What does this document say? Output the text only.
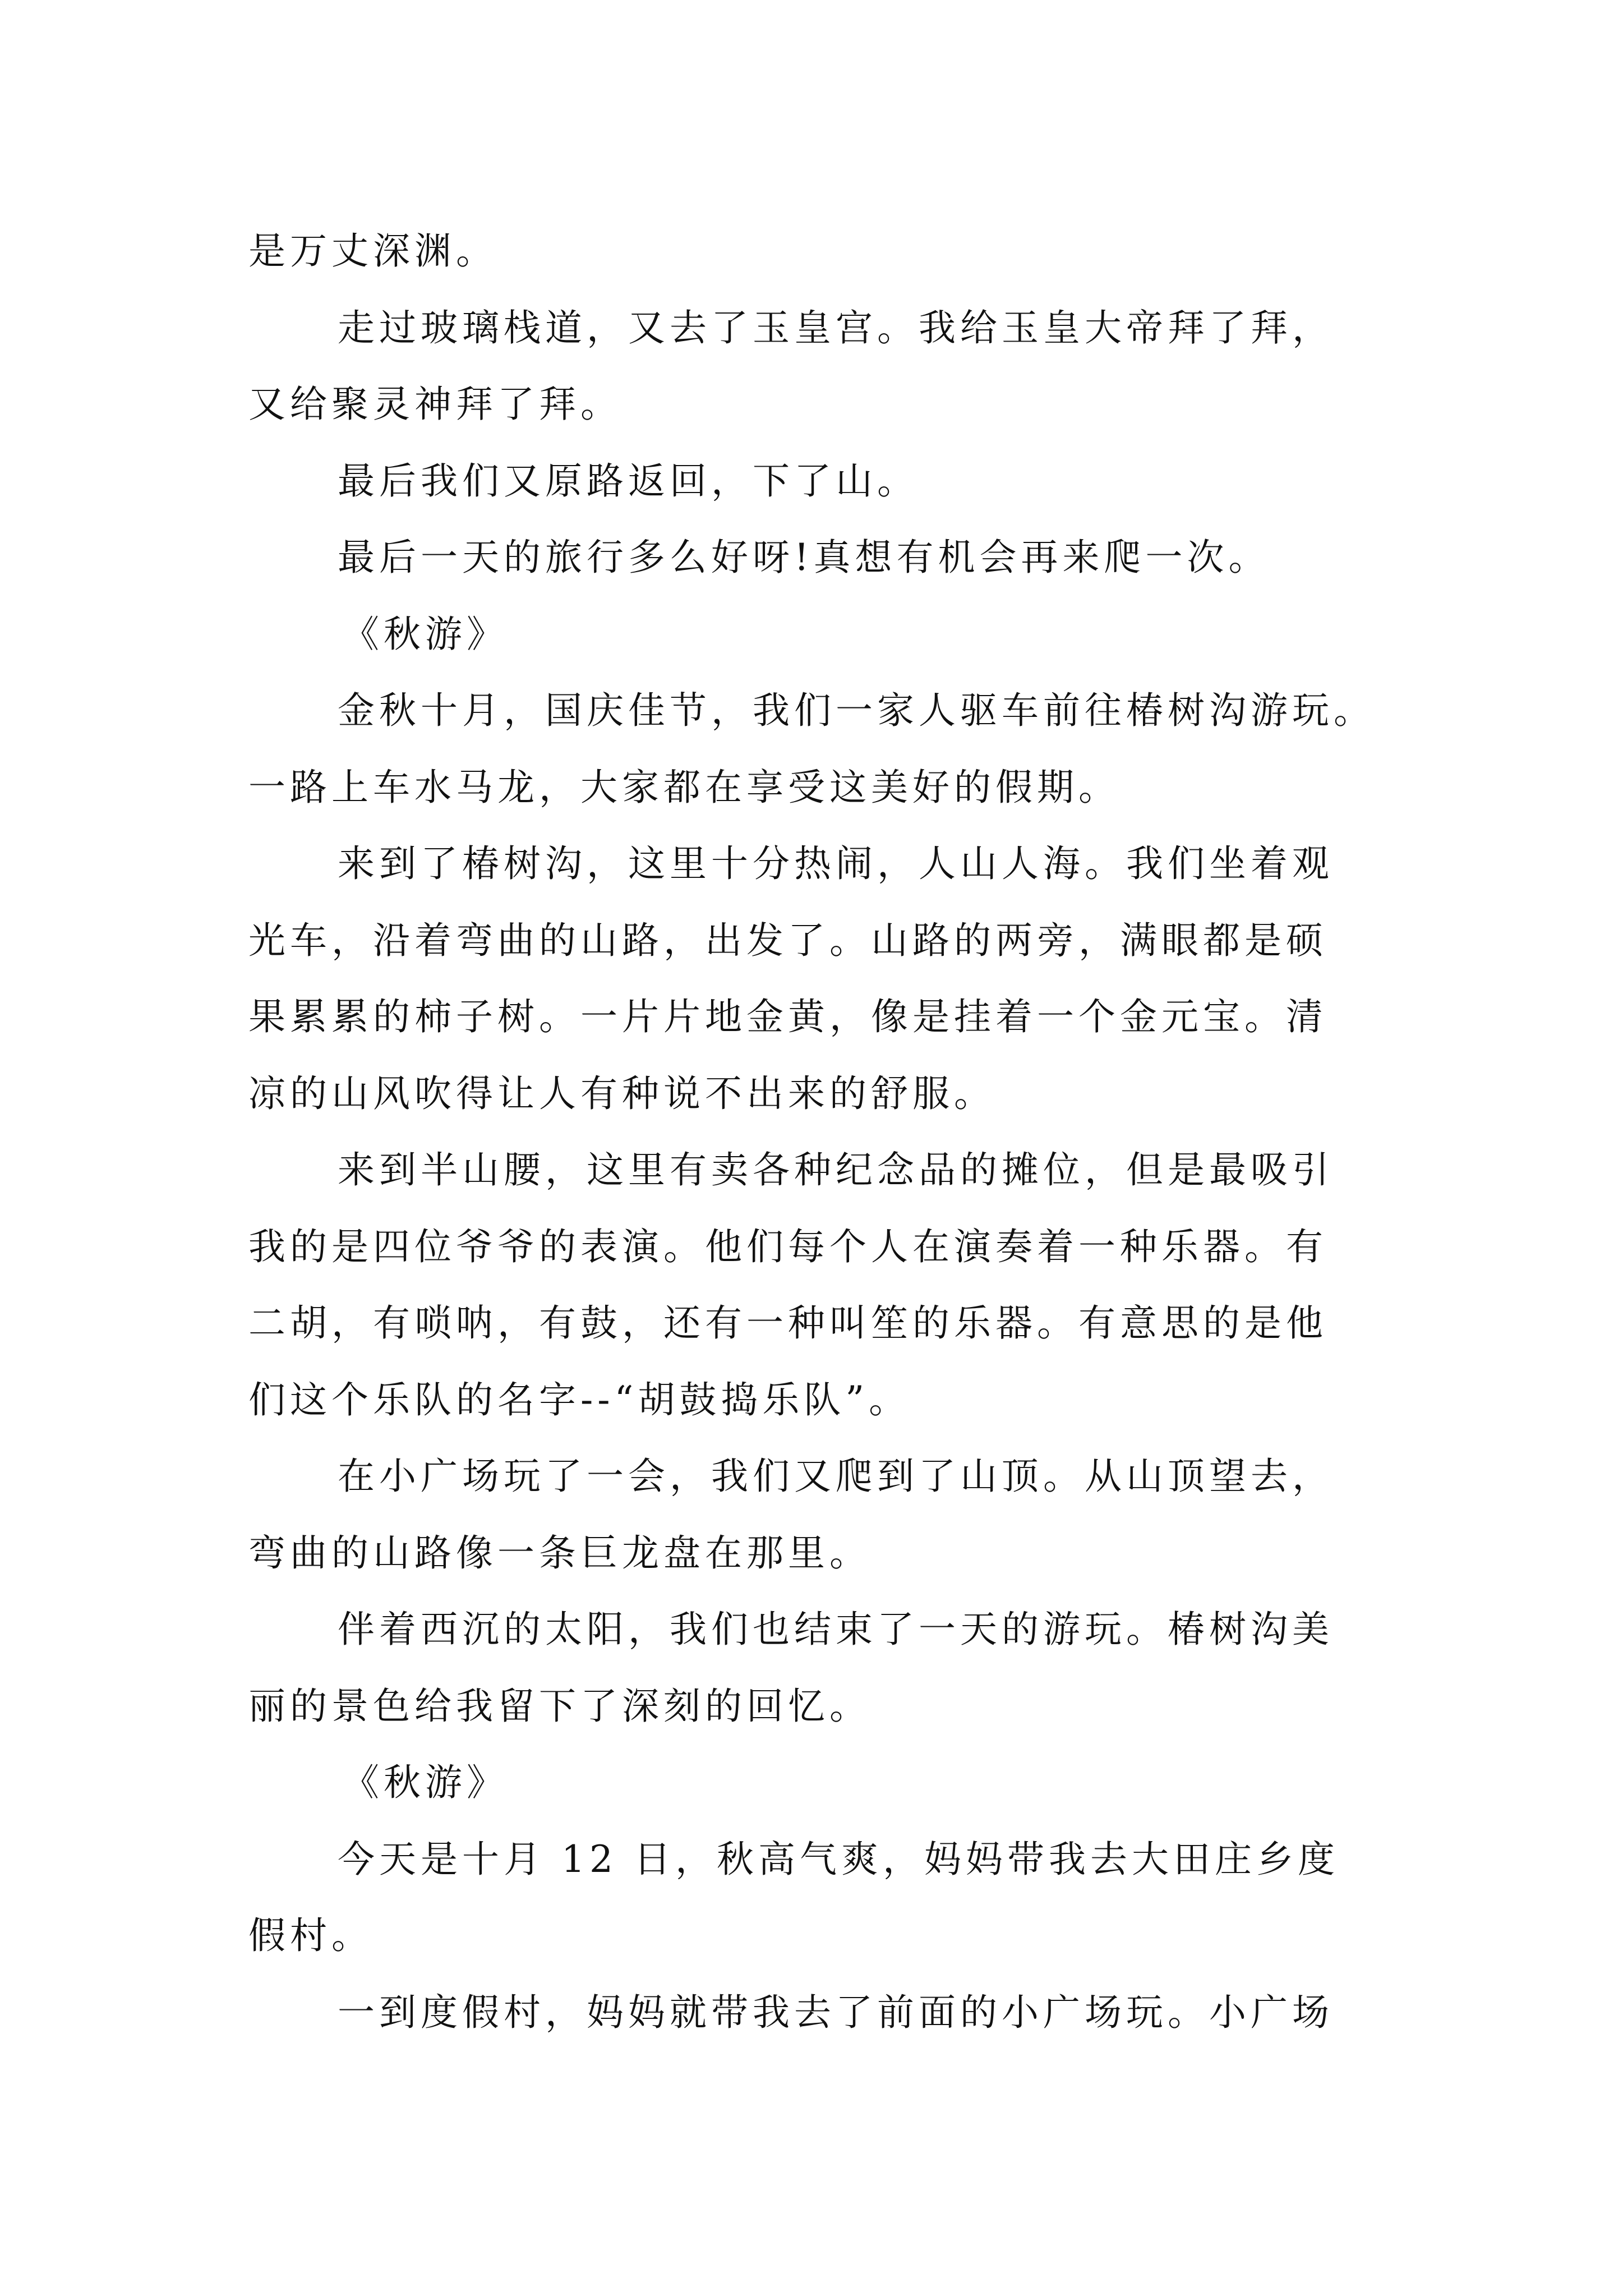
是万丈深渊。
走过玻璃栈道，又去了玉皇宫。我给玉皇大帝拜了拜，
又给聚灵神拜了拜。
最后我们又原路返回，下了山。
最后一天的旅行多么好呀!真想有机会再来爬一次。
《秋游》
金秋十月，国庆佳节，我们一家人驱车前往椿树沟游玩。
一路上车水马龙，大家都在享受这美好的假期。
来到了椿树沟，这里十分热闹，人山人海。我们坐着观
光车，沿着弯曲的山路，出发了。山路的两旁，满眼都是硕
果累累的柿子树。一片片地金黄，像是挂着一个金元宝。清
凉的山风吹得让人有种说不出来的舒服。
来到半山腰，这里有卖各种纪念品的摊位，但是最吸引
我的是四位爷爷的表演。他们每个人在演奏着一种乐器。有
二胡，有唢呐，有鼓，还有一种叫笙的乐器。有意思的是他
们这个乐队的名字--“胡鼓捣乐队”。
在小广场玩了一会，我们又爬到了山顶。从山顶望去，
弯曲的山路像一条巨龙盘在那里。
伴着西沉的太阳，我们也结束了一天的游玩。椿树沟美
丽的景色给我留下了深刻的回忆。
《秋游》
今天是十月 12 日，秋高气爽，妈妈带我去大田庄乡度
假村。
一到度假村，妈妈就带我去了前面的小广场玩。小广场
